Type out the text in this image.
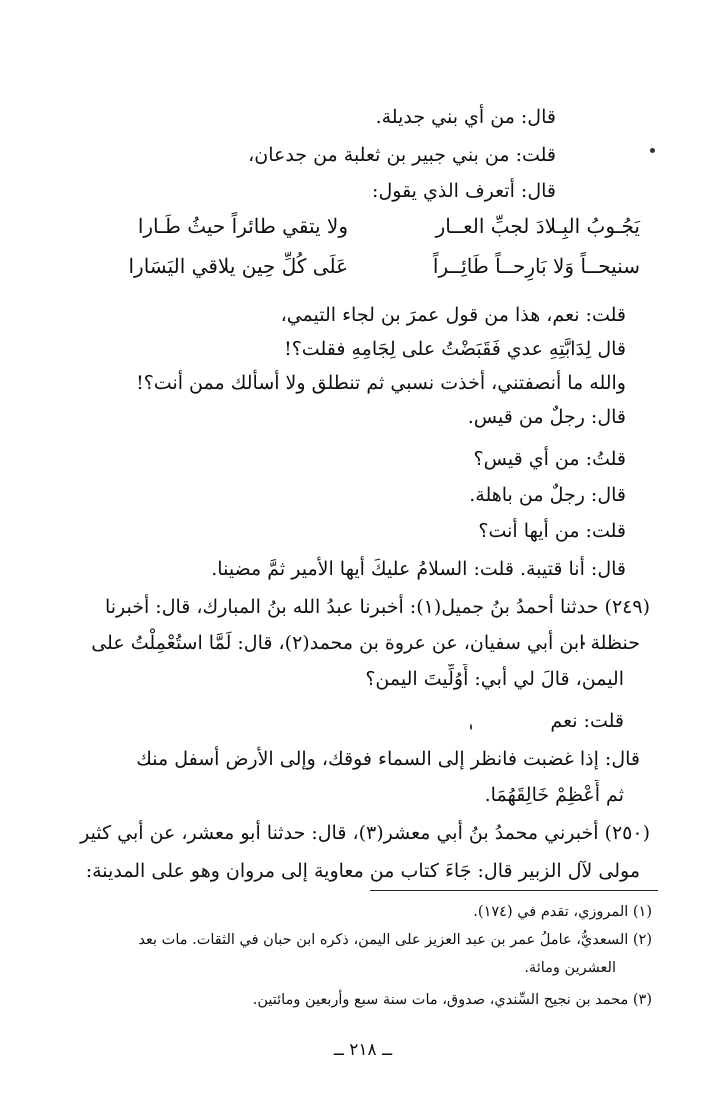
قال: من أي بني جديلة.
قلت: من بني جبير بن ثعلبة من جدعان،
قال: أتعرف الذي يقول:
يَجُـوبُ البِـلادَ لجبِّ العــار
ولا يتقي طائراً حيثُ طَـارا
سنيحــاً وَلا بَارِحــاً طَائِــراً
عَلَى كُلِّ حِين يلاقي اليَسَارا
قلت: نعم، هذا من قول عمرَ بن لجاء التيمي،
قال لِدَابَّتِهِ عدي فَقَبَضْتُ على لِجَامِهِ فقلت؟!
والله ما أنصفتني، أخذت نسبي ثم تنطلق ولا أسألك ممن أنت؟!
قال: رجلٌ من قيس.
قلتُ: من أي قيس؟
قال: رجلٌ من باهلة.
قلت: من أيها أنت؟
قال: أنا قتيبة. قلت: السلامُ عليكَ أيها الأمير ثمَّ مضينا.
(٢٤٩) حدثنا أحمدُ بنُ جميل(١): أخبرنا عبدُ الله بنُ المبارك، قال: أخبرنا
حنظلة ابن أبي سفيان، عن عروة بن محمد(٢)، قال: لَمَّا استُعْمِلْتُ على
اليمن، قالَ لي أبي: أَوُلِّيتَ اليمن؟
قلت: نعم
قال: إذا غضبت فانظر إلى السماء فوقك، وإلى الأرض أسفل منك
ثم أَعْظِمْ خَالِقَهُمَا.
(٢٥٠) أخبرني محمدُ بنُ أبي معشر(٣)، قال: حدثنا أبو معشر، عن أبي كثير
مولى لآل الزبير قال: جَاءَ كتاب من معاوية إلى مروان وهو على المدينة:
(١) المروزي، تقدم في (١٧٤).
(٢) السعديُّ، عاملُ عمر بن عبد العزيز على اليمن، ذكره ابن حبان في الثقات. مات بعد
العشرين ومائة.
(٣) محمد بن نجيح السِّندي، صدوق، مات سنة سبع وأربعين ومائتين.
ــ ٢١٨ ــ
